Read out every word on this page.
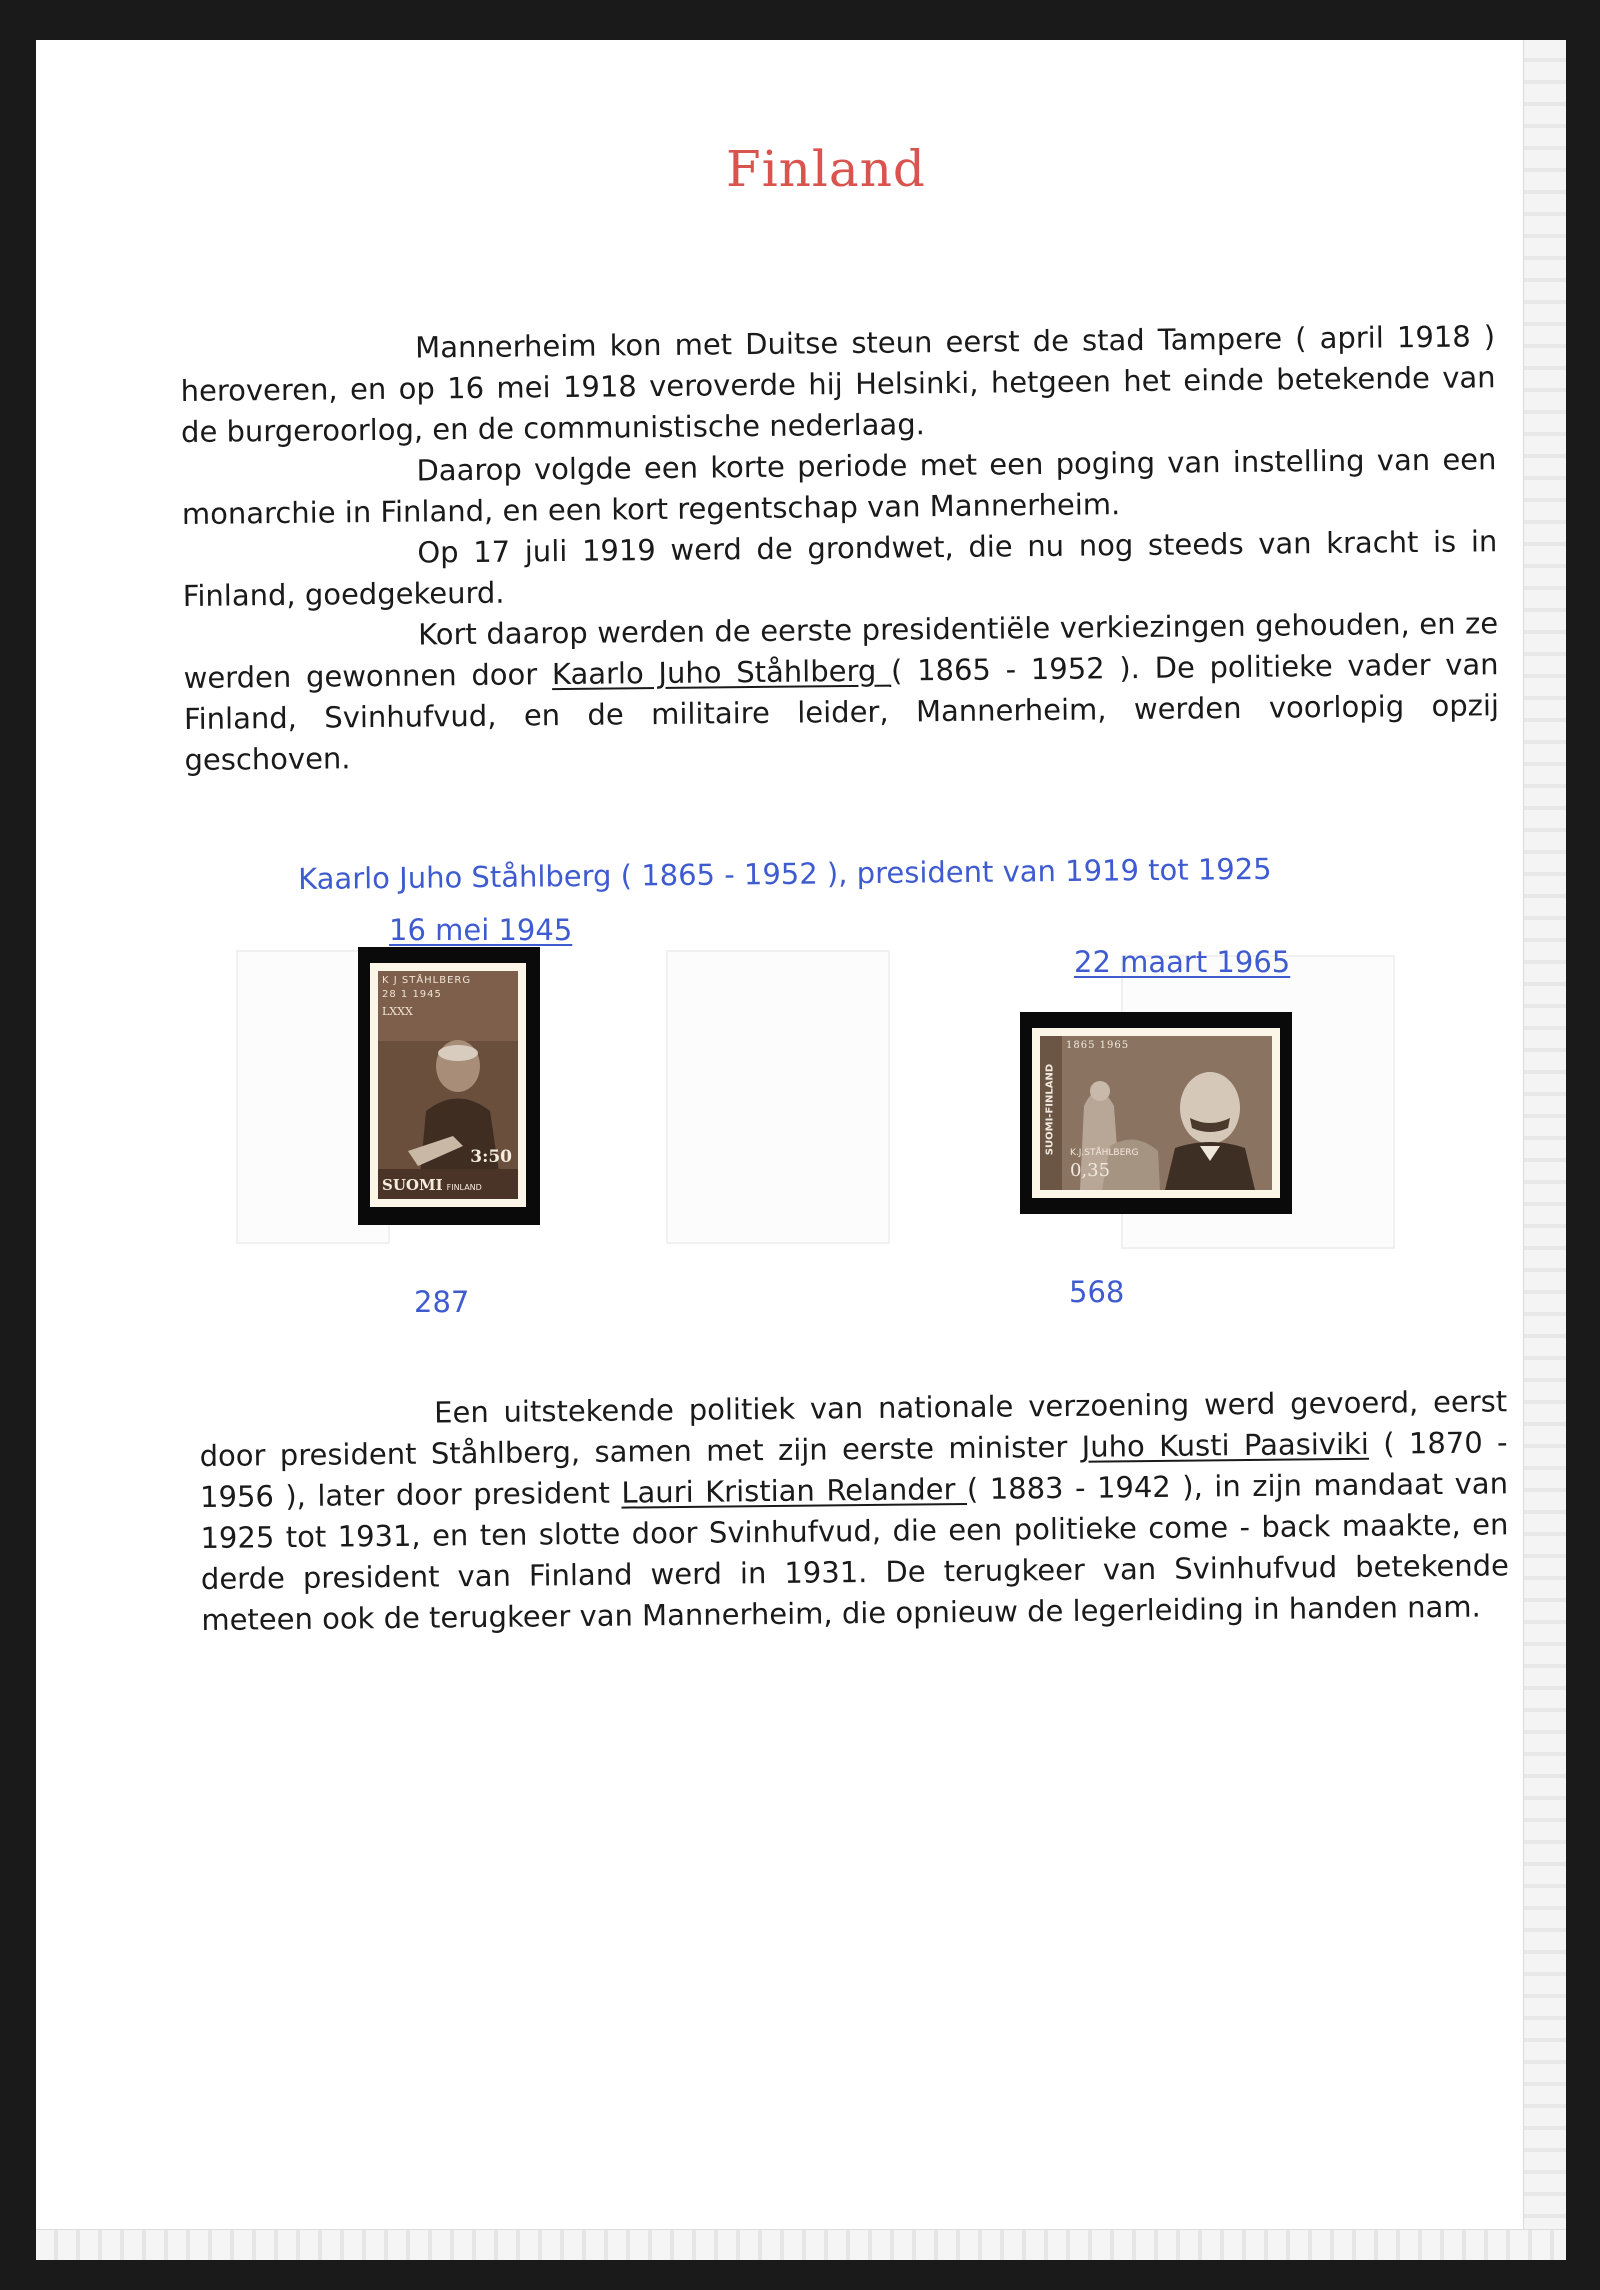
Finland

Mannerheim kon met Duitse steun eerst de stad Tampere ( april 1918 ) heroveren, en op 16 mei 1918 veroverde hij Helsinki, hetgeen het einde betekende van de burgeroorlog, en de communistische nederlaag.

Daarop volgde een korte periode met een poging van instelling van een monarchie in Finland, en een kort regentschap van Mannerheim.

Op 17 juli 1919 werd de grondwet, die nu nog steeds van kracht is in Finland, goedgekeurd.

Kort daarop werden de eerste presidentiële verkiezingen gehouden, en ze werden gewonnen door Kaarlo Juho Ståhlberg ( 1865 - 1952 ). De politieke vader van Finland, Svinhufvud, en de militaire leider, Mannerheim, werden voorlopig opzij geschoven.

Kaarlo Juho Ståhlberg ( 1865 - 1952 ), president van 1919 tot 1925
16 mei 1945
22 maart 1965
K J STÅHLBERG
28 1 1945
LXXX
3:50
SUOMI FINLAND
1865 1965
SUOMI-FINLAND K.J.STÅHLBERG
0,35
287	568

Een uitstekende politiek van nationale verzoening werd gevoerd, eerst door president Ståhlberg, samen met zijn eerste minister Juho Kusti Paasiviki ( 1870 - 1956 ), later door president Lauri Kristian Relander ( 1883 - 1942 ), in zijn mandaat van 1925 tot 1931, en ten slotte door Svinhufvud, die een politieke come - back maakte, en derde president van Finland werd in 1931. De terugkeer van Svinhufvud betekende meteen ook de terugkeer van Mannerheim, die opnieuw de legerleiding in handen nam.
